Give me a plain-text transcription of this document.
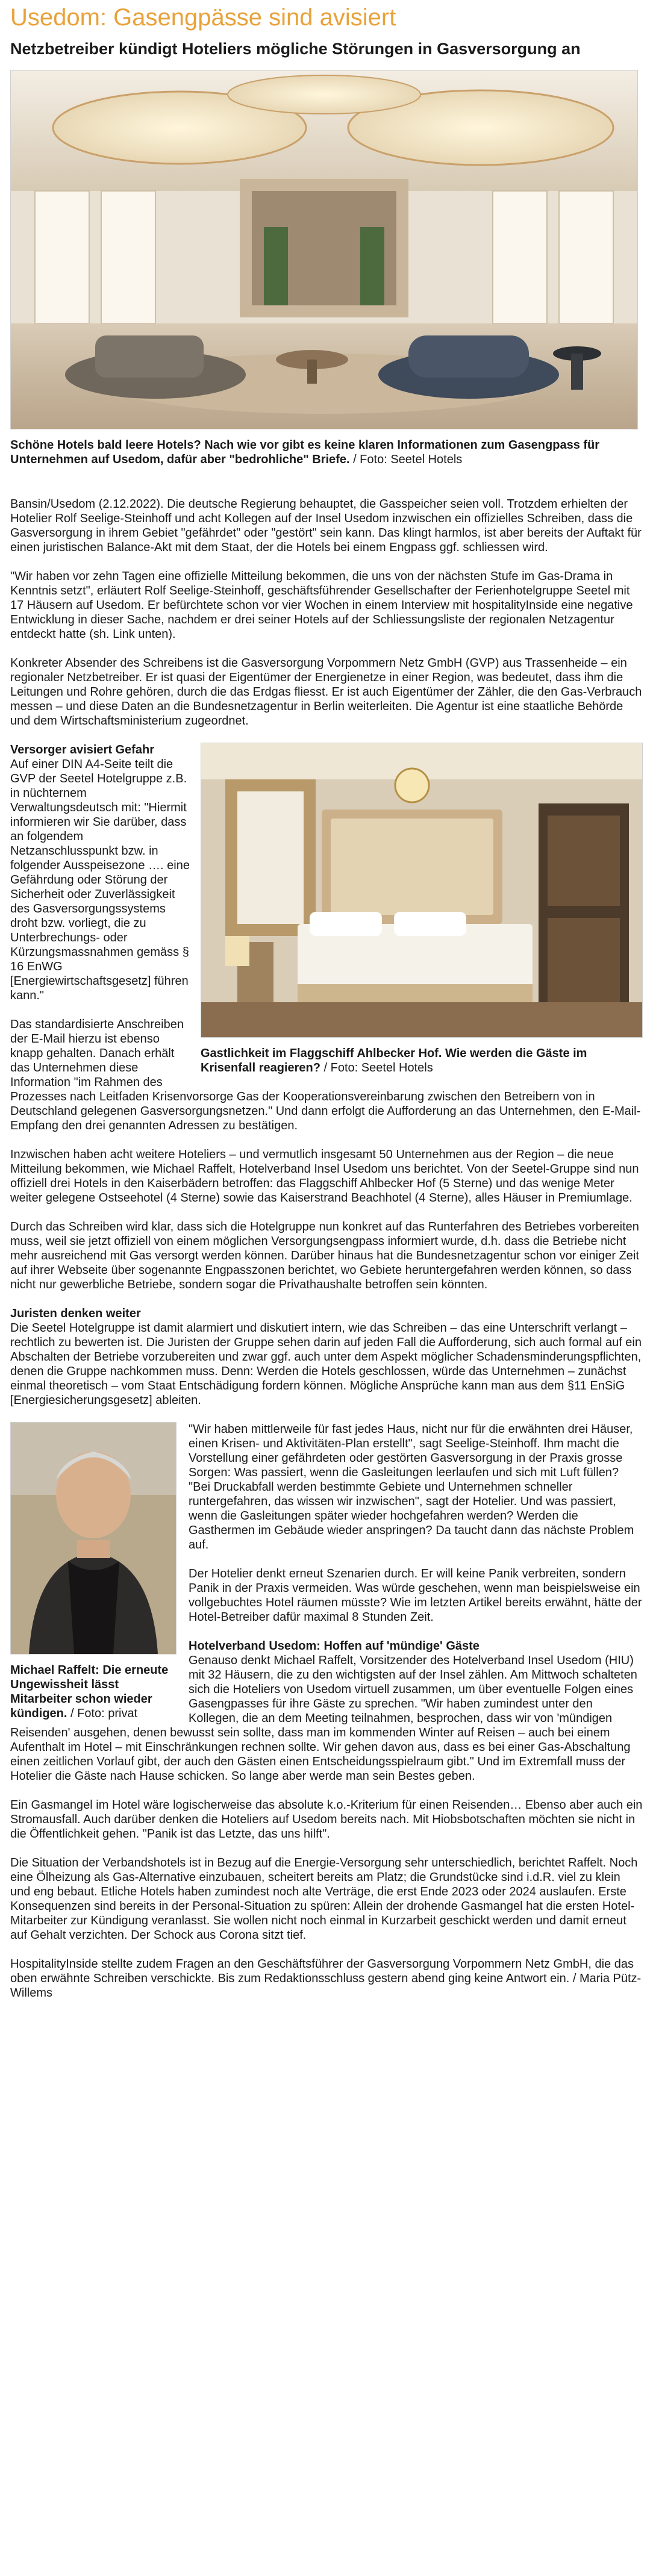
Usedom: Gasengpässe sind avisiert
Netzbetreiber kündigt Hoteliers mögliche Störungen in Gasversorgung an
Schöne Hotels bald leere Hotels? Nach wie vor gibt es keine klaren Informationen zum Gasengpass für Unternehmen auf Usedom, dafür aber "bedrohliche" Briefe. / Foto: Seetel Hotels

Bansin/Usedom (2.12.2022). Die deutsche Regierung behauptet, die Gasspeicher seien voll. Trotzdem erhielten der Hotelier Rolf Seelige-Steinhoff und acht Kollegen auf der Insel Usedom inzwischen ein offizielles Schreiben, dass die Gasversorgung in ihrem Gebiet "gefährdet" oder "gestört" sein kann. Das klingt harmlos, ist aber bereits der Auftakt für einen juristischen Balance-Akt mit dem Staat, der die Hotels bei einem Engpass ggf. schliessen wird.

"Wir haben vor zehn Tagen eine offizielle Mitteilung bekommen, die uns von der nächsten Stufe im Gas-Drama in Kenntnis setzt", erläutert Rolf Seelige-Steinhoff, geschäftsführender Gesellschafter der Ferienhotelgruppe Seetel mit 17 Häusern auf Usedom. Er befürchtete schon vor vier Wochen in einem Interview mit hospitalityInside eine negative Entwicklung in dieser Sache, nachdem er drei seiner Hotels auf der Schliessungsliste der regionalen Netzagentur entdeckt hatte (sh. Link unten).

Konkreter Absender des Schreibens ist die Gasversorgung Vorpommern Netz GmbH (GVP) aus Trassenheide – ein regionaler Netzbetreiber. Er ist quasi der Eigentümer der Energienetze in einer Region, was bedeutet, dass ihm die Leitungen und Rohre gehören, durch die das Erdgas fliesst. Er ist auch Eigentümer der Zähler, die den Gas-Verbrauch messen – und diese Daten an die Bundesnetzagentur in Berlin weiterleiten. Die Agentur ist eine staatliche Behörde und dem Wirtschaftsministerium zugeordnet.

Gastlichkeit im Flaggschiff Ahlbecker Hof. Wie werden die Gäste im Krisenfall reagieren? / Foto: Seetel Hotels
Versorger avisiert Gefahr

Auf einer DIN A4-Seite teilt die GVP der Seetel Hotelgruppe z.B. in nüchternem Verwaltungsdeutsch mit: "Hiermit informieren wir Sie darüber, dass an folgendem Netzanschlusspunkt bzw. in folgender Ausspeisezone …. eine Gefährdung oder Störung der Sicherheit oder Zuverlässigkeit des Gasversorgungssystems droht bzw. vorliegt, die zu Unterbrechungs- oder Kürzungsmassnahmen gemäss § 16 EnWG [Energiewirtschaftsgesetz] führen kann."

Das standardisierte Anschreiben der E-Mail hierzu ist ebenso knapp gehalten. Danach erhält das Unternehmen diese Information "im Rahmen des Prozesses nach Leitfaden Krisenvorsorge Gas der Kooperationsvereinbarung zwischen den Betreibern von in Deutschland gelegenen Gasversorgungsnetzen." Und dann erfolgt die Aufforderung an das Unternehmen, den E-Mail-Empfang den drei genannten Adressen zu bestätigen.

Inzwischen haben acht weitere Hoteliers – und vermutlich insgesamt 50 Unternehmen aus der Region – die neue Mitteilung bekommen, wie Michael Raffelt, Hotelverband Insel Usedom uns berichtet. Von der Seetel-Gruppe sind nun offiziell drei Hotels in den Kaiserbädern betroffen: das Flaggschiff Ahlbecker Hof (5 Sterne) und das wenige Meter weiter gelegene Ostseehotel (4 Sterne) sowie das Kaiserstrand Beachhotel (4 Sterne), alles Häuser in Premiumlage.

Durch das Schreiben wird klar, dass sich die Hotelgruppe nun konkret auf das Runterfahren des Betriebes vorbereiten muss, weil sie jetzt offiziell von einem möglichen Versorgungsengpass informiert wurde, d.h. dass die Betriebe nicht mehr ausreichend mit Gas versorgt werden können. Darüber hinaus hat die Bundesnetzagentur schon vor einiger Zeit auf ihrer Webseite über sogenannte Engpasszonen berichtet, wo Gebiete heruntergefahren werden können, so dass nicht nur gewerbliche Betriebe, sondern sogar die Privathaushalte betroffen sein könnten.

Juristen denken weiter

Die Seetel Hotelgruppe ist damit alarmiert und diskutiert intern, wie das Schreiben – das eine Unterschrift verlangt – rechtlich zu bewerten ist. Die Juristen der Gruppe sehen darin auf jeden Fall die Aufforderung, sich auch formal auf ein Abschalten der Betriebe vorzubereiten und zwar ggf. auch unter dem Aspekt möglicher Schadensminderungspflichten, denen die Gruppe nachkommen muss. Denn: Werden die Hotels geschlossen, würde das Unternehmen – zunächst einmal theoretisch – vom Staat Entschädigung fordern können. Mögliche Ansprüche kann man aus dem §11 EnSiG [Energiesicherungsgesetz] ableiten.

Michael Raffelt: Die erneute Ungewissheit lässt Mitarbeiter schon wieder kündigen. / Foto: privat

"Wir haben mittlerweile für fast jedes Haus, nicht nur für die erwähnten drei Häuser, einen Krisen- und Aktivitäten-Plan erstellt", sagt Seelige-Steinhoff. Ihm macht die Vorstellung einer gefährdeten oder gestörten Gasversorgung in der Praxis grosse Sorgen: Was passiert, wenn die Gasleitungen leerlaufen und sich mit Luft füllen? "Bei Druckabfall werden bestimmte Gebiete und Unternehmen schneller runtergefahren, das wissen wir inzwischen", sagt der Hotelier. Und was passiert, wenn die Gasleitungen später wieder hochgefahren werden? Werden die Gasthermen im Gebäude wieder anspringen? Da taucht dann das nächste Problem auf.

Der Hotelier denkt erneut Szenarien durch. Er will keine Panik verbreiten, sondern Panik in der Praxis vermeiden. Was würde geschehen, wenn man beispielsweise ein vollgebuchtes Hotel räumen müsste? Wie im letzten Artikel bereits erwähnt, hätte der Hotel-Betreiber dafür maximal 8 Stunden Zeit.

Hotelverband Usedom: Hoffen auf 'mündige' Gäste

Genauso denkt Michael Raffelt, Vorsitzender des Hotelverband Insel Usedom (HIU) mit 32 Häusern, die zu den wichtigsten auf der Insel zählen. Am Mittwoch schalteten sich die Hoteliers von Usedom virtuell zusammen, um über eventuelle Folgen eines Gasengpasses für ihre Gäste zu sprechen. "Wir haben zumindest unter den Kollegen, die an dem Meeting teilnahmen, besprochen, dass wir von 'mündigen Reisenden' ausgehen, denen bewusst sein sollte, dass man im kommenden Winter auf Reisen – auch bei einem Aufenthalt im Hotel – mit Einschränkungen rechnen sollte. Wir gehen davon aus, dass es bei einer Gas-Abschaltung einen zeitlichen Vorlauf gibt, der auch den Gästen einen Entscheidungsspielraum gibt." Und im Extremfall muss der Hotelier die Gäste nach Hause schicken. So lange aber werde man sein Bestes geben.

Ein Gasmangel im Hotel wäre logischerweise das absolute k.o.-Kriterium für einen Reisenden… Ebenso aber auch ein Stromausfall. Auch darüber denken die Hoteliers auf Usedom bereits nach. Mit Hiobsbotschaften möchten sie nicht in die Öffentlichkeit gehen. "Panik ist das Letzte, das uns hilft".

Die Situation der Verbandshotels ist in Bezug auf die Energie-Versorgung sehr unterschiedlich, berichtet Raffelt. Noch eine Ölheizung als Gas-Alternative einzubauen, scheitert bereits am Platz; die Grundstücke sind i.d.R. viel zu klein und eng bebaut. Etliche Hotels haben zumindest noch alte Verträge, die erst Ende 2023 oder 2024 auslaufen. Erste Konsequenzen sind bereits in der Personal-Situation zu spüren: Allein der drohende Gasmangel hat die ersten Hotel-Mitarbeiter zur Kündigung veranlasst. Sie wollen nicht noch einmal in Kurzarbeit geschickt werden und damit erneut auf Gehalt verzichten. Der Schock aus Corona sitzt tief.

HospitalityInside stellte zudem Fragen an den Geschäftsführer der Gasversorgung Vorpommern Netz GmbH, die das oben erwähnte Schreiben verschickte. Bis zum Redaktionsschluss gestern abend ging keine Antwort ein. / Maria Pütz-Willems
